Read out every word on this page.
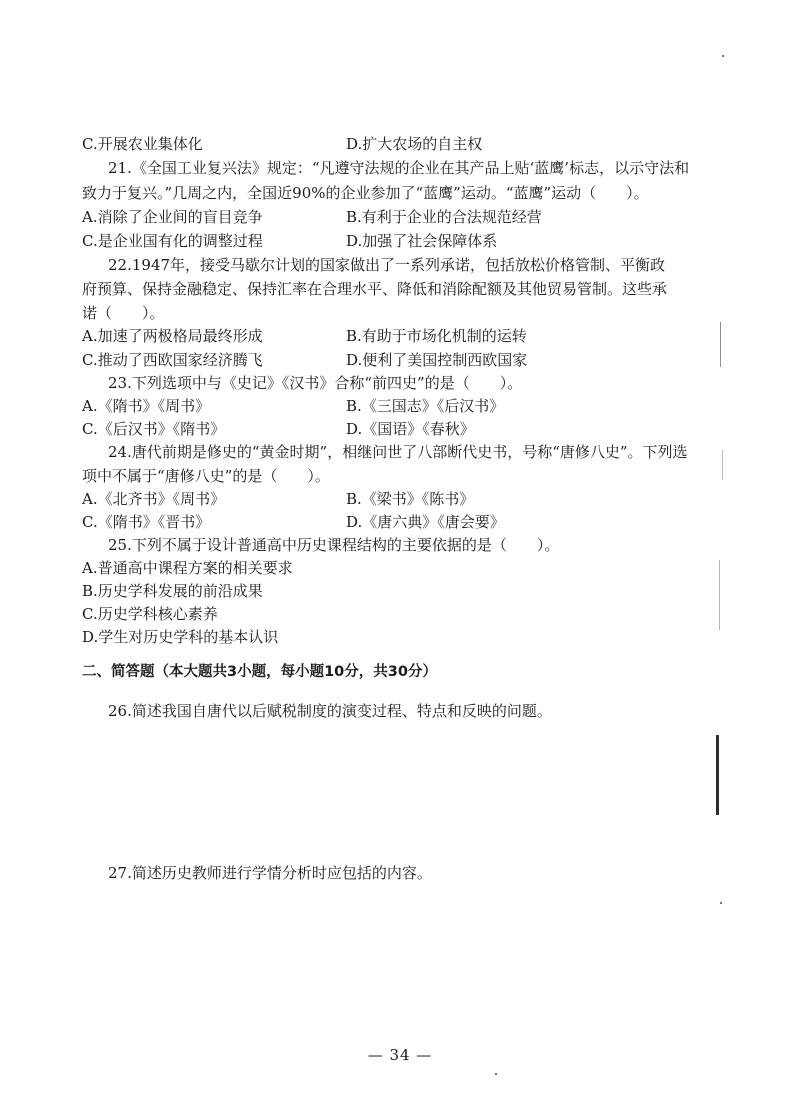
C.开展农业集体化	D.扩大农场的自主权
21.《全国工业复兴法》规定：“凡遵守法规的企业在其产品上贴‘蓝鹰’标志，以示守法和
致力于复兴。”几周之内，全国近90%的企业参加了“蓝鹰”运动。“蓝鹰”运动（　　）。
A.消除了企业间的盲目竞争	B.有利于企业的合法规范经营
C.是企业国有化的调整过程	D.加强了社会保障体系
22.1947年，接受马歇尔计划的国家做出了一系列承诺，包括放松价格管制、平衡政
府预算、保持金融稳定、保持汇率在合理水平、降低和消除配额及其他贸易管制。这些承
诺（　　）。
A.加速了两极格局最终形成	B.有助于市场化机制的运转
C.推动了西欧国家经济腾飞	D.便利了美国控制西欧国家
23.下列选项中与《史记》《汉书》合称“前四史”的是（　　）。
A.《隋书》《周书》	B.《三国志》《后汉书》
C.《后汉书》《隋书》	D.《国语》《春秋》
24.唐代前期是修史的“黄金时期”，相继问世了八部断代史书，号称“唐修八史”。下列选
项中不属于“唐修八史”的是（　　）。
A.《北齐书》《周书》	B.《梁书》《陈书》
C.《隋书》《晋书》	D.《唐六典》《唐会要》
25.下列不属于设计普通高中历史课程结构的主要依据的是（　　）。
A.普通高中课程方案的相关要求
B.历史学科发展的前沿成果
C.历史学科核心素养
D.学生对历史学科的基本认识
二、简答题（本大题共3小题，每小题10分，共30分）
26.简述我国自唐代以后赋税制度的演变过程、特点和反映的问题。
27.简述历史教师进行学情分析时应包括的内容。
— 34 —
